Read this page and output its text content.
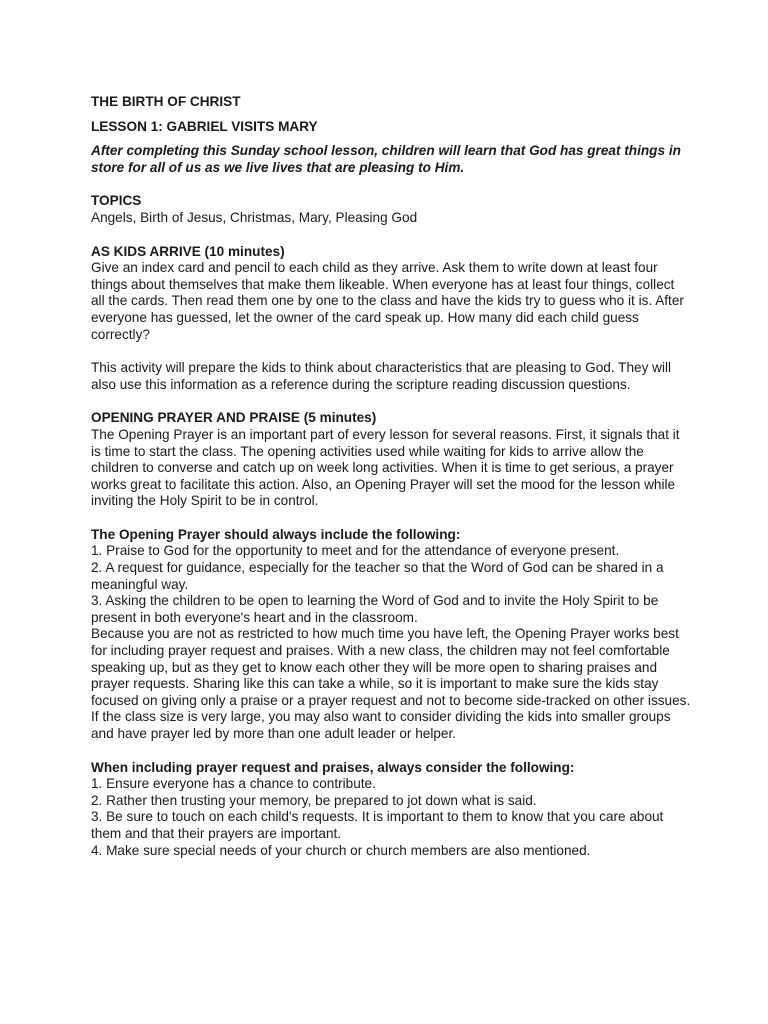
THE BIRTH OF CHRIST
LESSON 1: GABRIEL VISITS MARY
After completing this Sunday school lesson, children will learn that God has great things in store for all of us as we live lives that are pleasing to Him.
TOPICS

Angels, Birth of Jesus, Christmas, Mary, Pleasing God

AS KIDS ARRIVE (10 minutes)

Give an index card and pencil to each child as they arrive. Ask them to write down at least four things about themselves that make them likeable. When everyone has at least four things, collect all the cards. Then read them one by one to the class and have the kids try to guess who it is. After everyone has guessed, let the owner of the card speak up. How many did each child guess correctly?

This activity will prepare the kids to think about characteristics that are pleasing to God. They will also use this information as a reference during the scripture reading discussion questions.

OPENING PRAYER AND PRAISE (5 minutes)

The Opening Prayer is an important part of every lesson for several reasons. First, it signals that it is time to start the class. The opening activities used while waiting for kids to arrive allow the children to converse and catch up on week long activities. When it is time to get serious, a prayer works great to facilitate this action. Also, an Opening Prayer will set the mood for the lesson while inviting the Holy Spirit to be in control.

The Opening Prayer should always include the following:
1. Praise to God for the opportunity to meet and for the attendance of everyone present.
2. A request for guidance, especially for the teacher so that the Word of God can be shared in a meaningful way.
3. Asking the children to be open to learning the Word of God and to invite the Holy Spirit to be present in both everyone's heart and in the classroom.

Because you are not as restricted to how much time you have left, the Opening Prayer works best for including prayer request and praises. With a new class, the children may not feel comfortable speaking up, but as they get to know each other they will be more open to sharing praises and prayer requests. Sharing like this can take a while, so it is important to make sure the kids stay focused on giving only a praise or a prayer request and not to become side-tracked on other issues. If the class size is very large, you may also want to consider dividing the kids into smaller groups and have prayer led by more than one adult leader or helper.

When including prayer request and praises, always consider the following:
1. Ensure everyone has a chance to contribute.
2. Rather then trusting your memory, be prepared to jot down what is said.
3. Be sure to touch on each child's requests. It is important to them to know that you care about them and that their prayers are important.
4. Make sure special needs of your church or church members are also mentioned.
